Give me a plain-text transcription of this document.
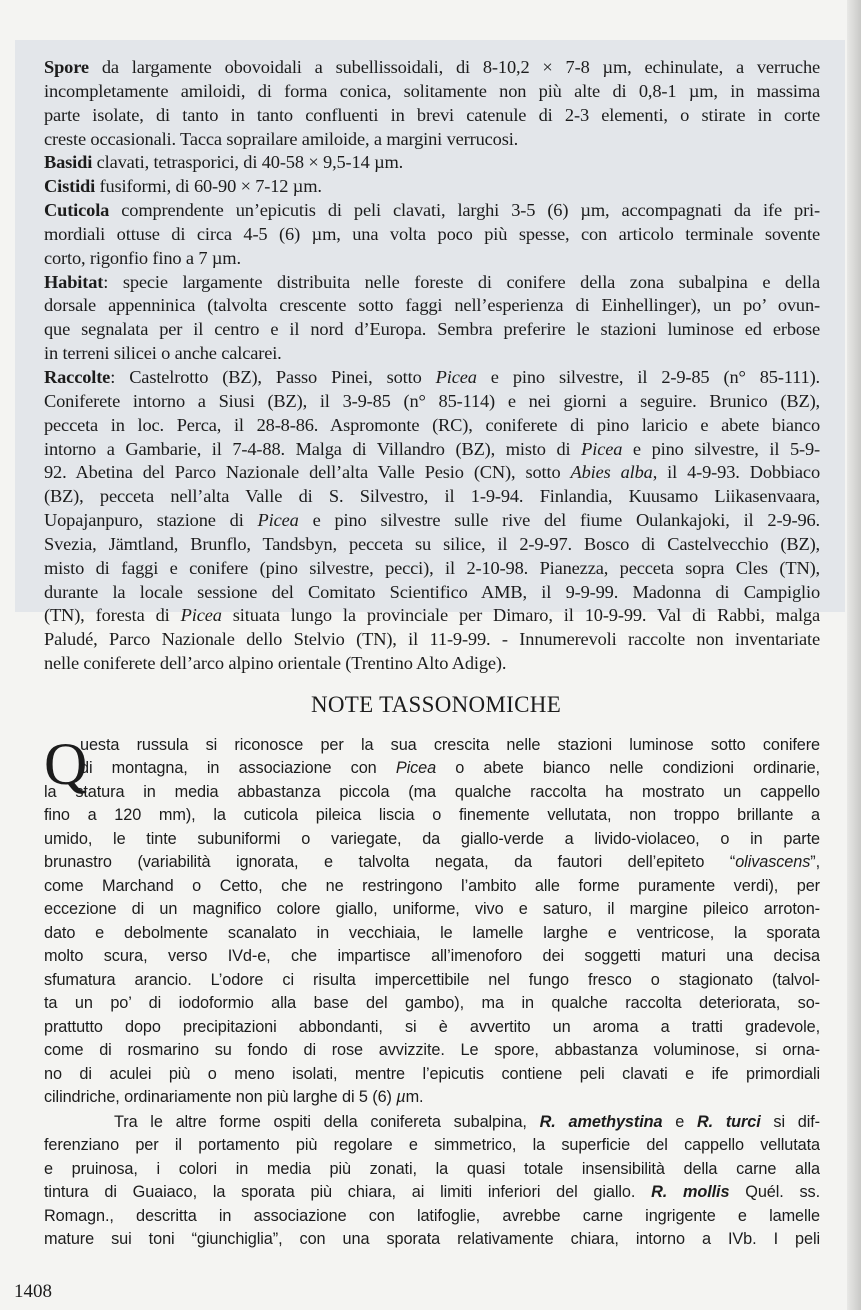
Spore da largamente obovoidali a subellissoidali, di 8-10,2 × 7-8 µm, echinulate, a verruche
incompletamente amiloidi, di forma conica, solitamente non più alte di 0,8-1 µm, in massima
parte isolate, di tanto in tanto confluenti in brevi catenule di 2-3 elementi, o stirate in corte
creste occasionali. Tacca soprailare amiloide, a margini verrucosi.
Basidi clavati, tetrasporici, di 40-58 × 9,5-14 µm.
Cistidi fusiformi, di 60-90 × 7-12 µm.
Cuticola comprendente un’epicutis di peli clavati, larghi 3-5 (6) µm, accompagnati da ife pri-
mordiali ottuse di circa 4-5 (6) µm, una volta poco più spesse, con articolo terminale sovente
corto, rigonfio fino a 7 µm.
Habitat: specie largamente distribuita nelle foreste di conifere della zona subalpina e della
dorsale appenninica (talvolta crescente sotto faggi nell’esperienza di Einhellinger), un po’ ovun-
que segnalata per il centro e il nord d’Europa. Sembra preferire le stazioni luminose ed erbose
in terreni silicei o anche calcarei.
Raccolte: Castelrotto (BZ), Passo Pinei, sotto Picea e pino silvestre, il 2-9-85 (n° 85-111).
Coniferete intorno a Siusi (BZ), il 3-9-85 (n° 85-114) e nei giorni a seguire. Brunico (BZ),
pecceta in loc. Perca, il 28-8-86. Aspromonte (RC), coniferete di pino laricio e abete bianco
intorno a Gambarie, il 7-4-88. Malga di Villandro (BZ), misto di Picea e pino silvestre, il 5-9-
92. Abetina del Parco Nazionale dell’alta Valle Pesio (CN), sotto Abies alba, il 4-9-93. Dobbiaco
(BZ), pecceta nell’alta Valle di S. Silvestro, il 1-9-94. Finlandia, Kuusamo Liikasenvaara,
Uopajanpuro, stazione di Picea e pino silvestre sulle rive del fiume Oulankajoki, il 2-9-96.
Svezia, Jämtland, Brunflo, Tandsbyn, pecceta su silice, il 2-9-97. Bosco di Castelvecchio (BZ),
misto di faggi e conifere (pino silvestre, pecci), il 2-10-98. Pianezza, pecceta sopra Cles (TN),
durante la locale sessione del Comitato Scientifico AMB, il 9-9-99. Madonna di Campiglio
(TN), foresta di Picea situata lungo la provinciale per Dimaro, il 10-9-99. Val di Rabbi, malga
Paludé, Parco Nazionale dello Stelvio (TN), il 11-9-99. - Innumerevoli raccolte non inventariate
nelle coniferete dell’arco alpino orientale (Trentino Alto Adige).
NOTE TASSONOMICHE
Q
uesta russula si riconosce per la sua crescita nelle stazioni luminose sotto conifere
di montagna, in associazione con Picea o abete bianco nelle condizioni ordinarie,
la statura in media abbastanza piccola (ma qualche raccolta ha mostrato un cappello
fino a 120 mm), la cuticola pileica liscia o finemente vellutata, non troppo brillante a
umido, le tinte subuniformi o variegate, da giallo-verde a livido-violaceo, o in parte
brunastro (variabilità ignorata, e talvolta negata, da fautori dell’epiteto “olivascens”,
come Marchand o Cetto, che ne restringono l’ambito alle forme puramente verdi), per
eccezione di un magnifico colore giallo, uniforme, vivo e saturo, il margine pileico arroton-
dato e debolmente scanalato in vecchiaia, le lamelle larghe e ventricose, la sporata
molto scura, verso IVd-e, che impartisce all’imenoforo dei soggetti maturi una decisa
sfumatura arancio. L’odore ci risulta impercettibile nel fungo fresco o stagionato (talvol-
ta un po’ di iodoformio alla base del gambo), ma in qualche raccolta deteriorata, so-
prattutto dopo precipitazioni abbondanti, si è avvertito un aroma a tratti gradevole,
come di rosmarino su fondo di rose avvizzite. Le spore, abbastanza voluminose, si orna-
no di aculei più o meno isolati, mentre l’epicutis contiene peli clavati e ife primordiali
cilindriche, ordinariamente non più larghe di 5 (6) µm.
Tra le altre forme ospiti della conifereta subalpina, R. amethystina e R. turci si dif-
ferenziano per il portamento più regolare e simmetrico, la superficie del cappello vellutata
e pruinosa, i colori in media più zonati, la quasi totale insensibilità della carne alla
tintura di Guaiaco, la sporata più chiara, ai limiti inferiori del giallo. R. mollis Quél. ss.
Romagn., descritta in associazione con latifoglie, avrebbe carne ingrigente e lamelle
mature sui toni “giunchiglia”, con una sporata relativamente chiara, intorno a IVb. I peli
1408
